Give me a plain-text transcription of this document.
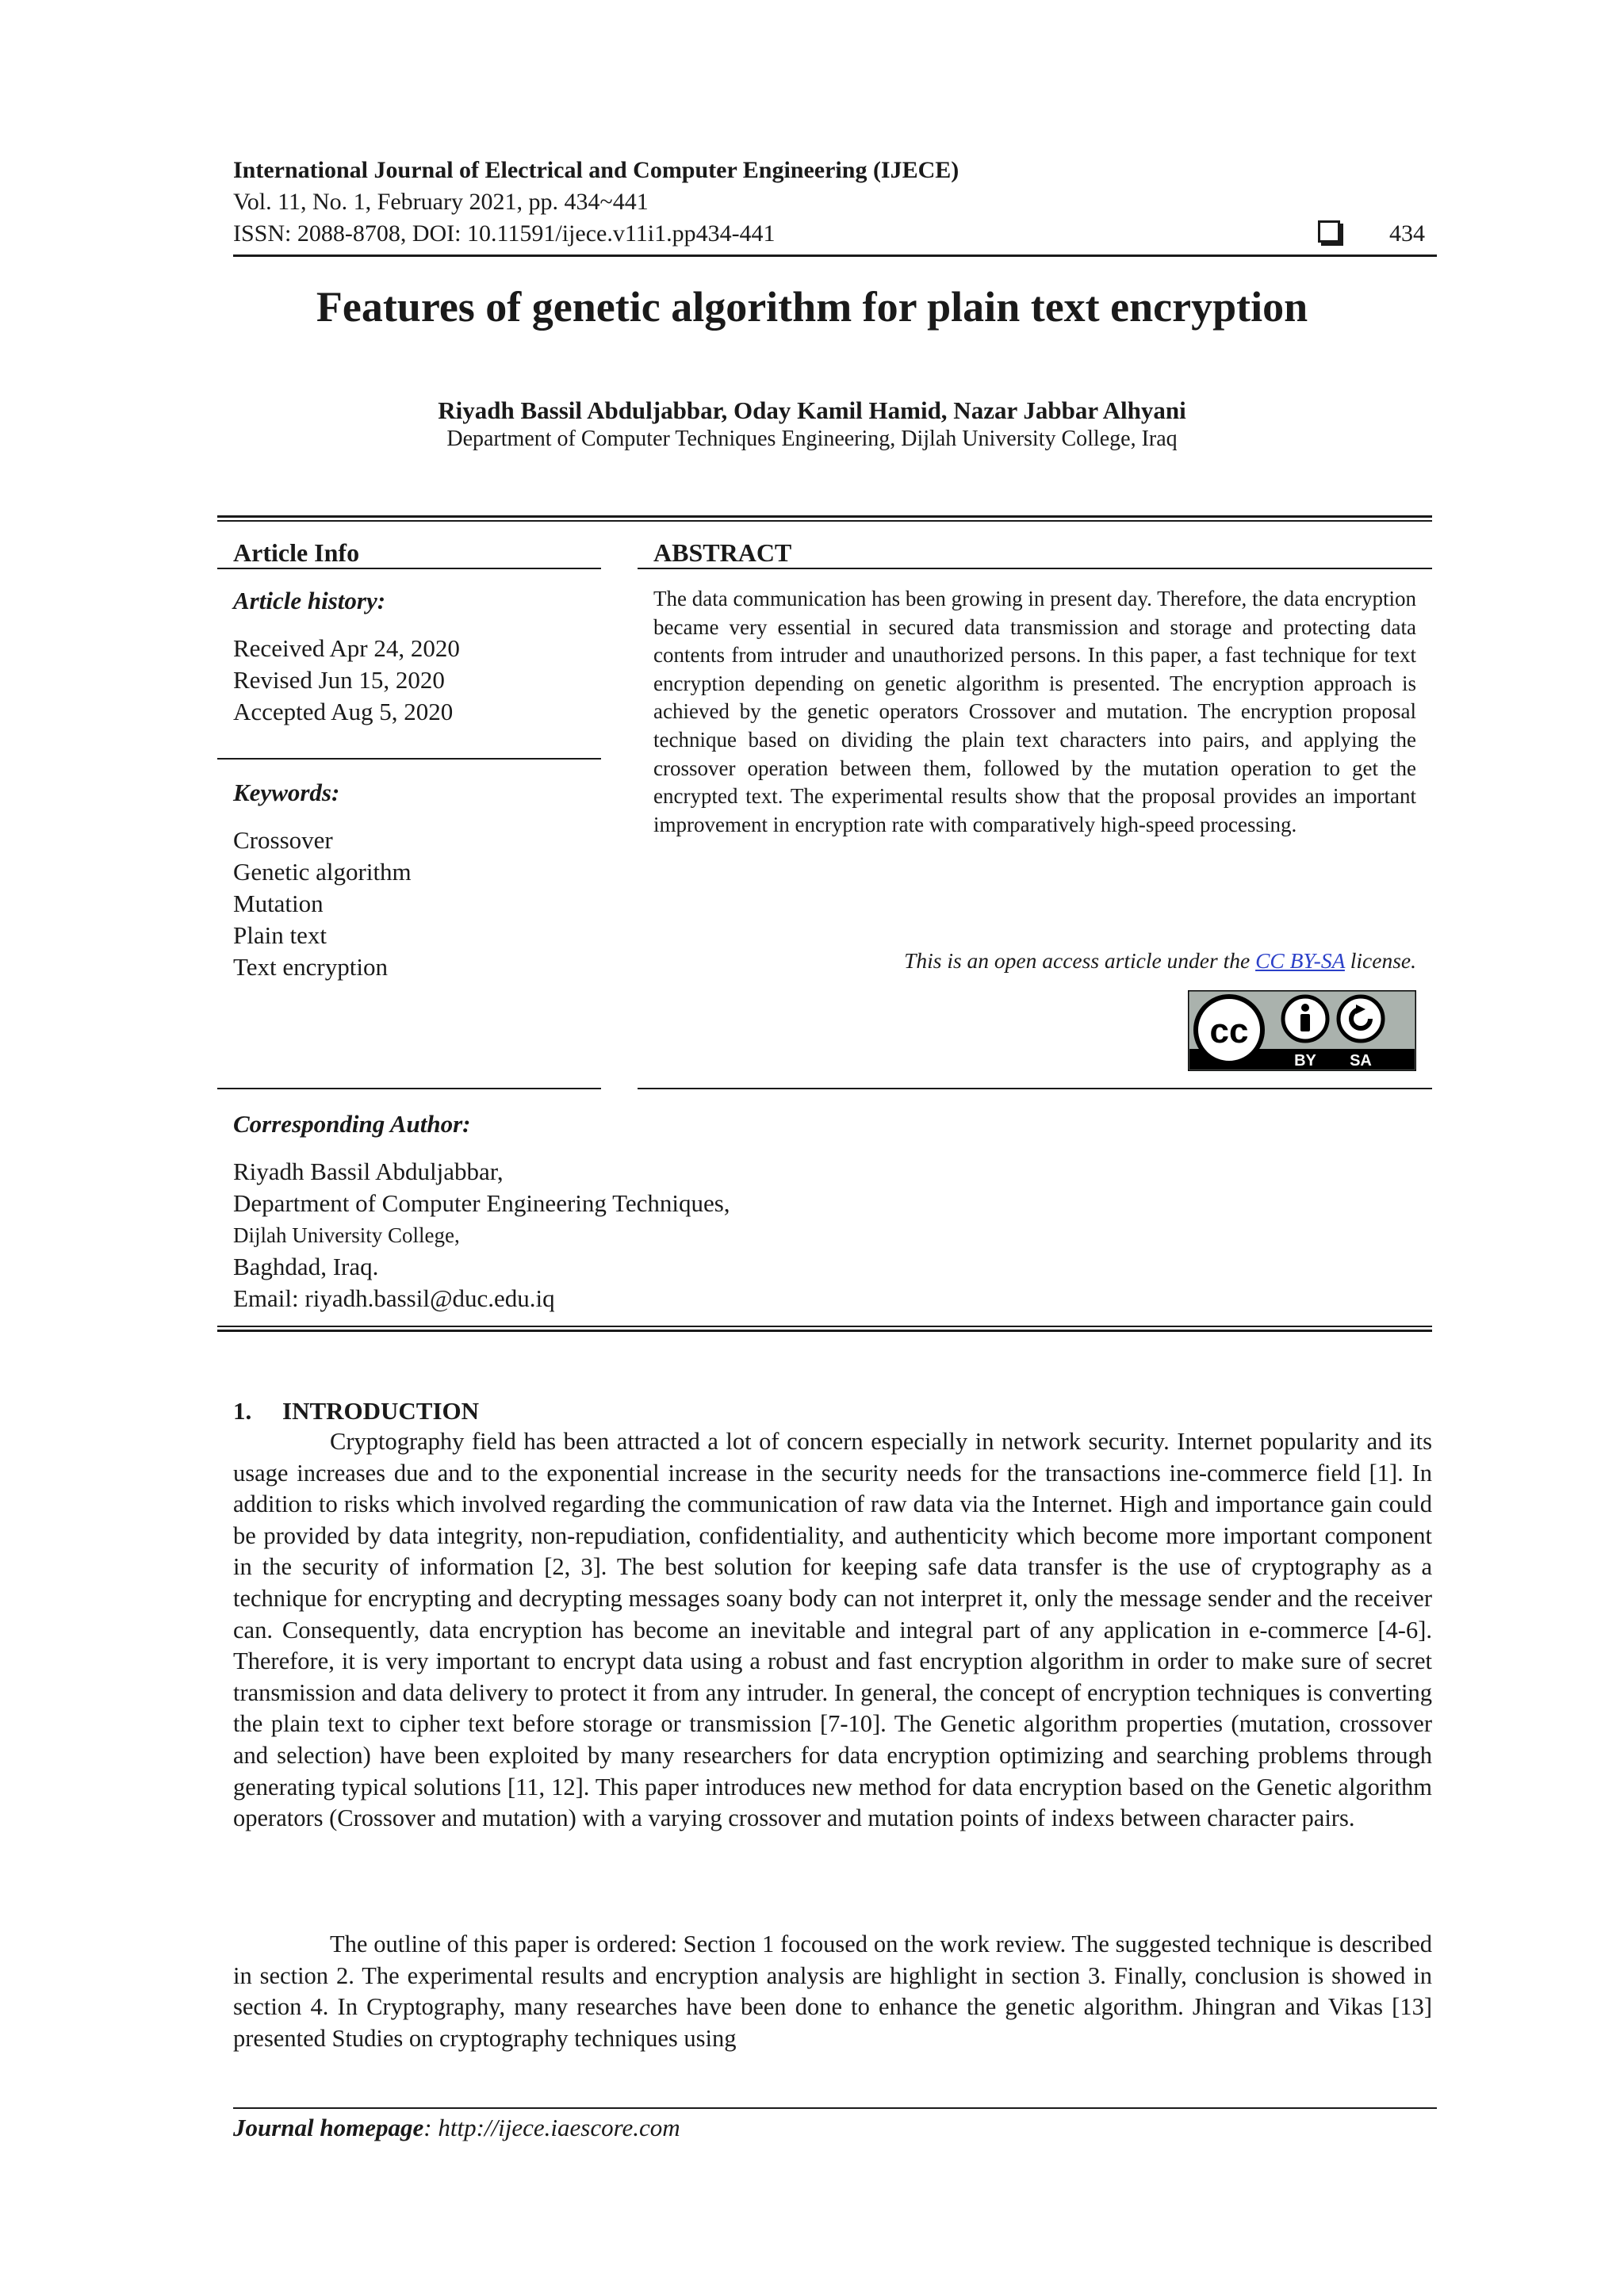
International Journal of Electrical and Computer Engineering (IJECE)
Vol. 11, No. 1, February 2021, pp. 434~441
ISSN: 2088-8708, DOI: 10.11591/ijece.v11i1.pp434-441	434
Features of genetic algorithm for plain text encryption
Riyadh Bassil Abduljabbar, Oday Kamil Hamid, Nazar Jabbar Alhyani
Department of Computer Techniques Engineering, Dijlah University College, Iraq
Article Info
Article history:
Received Apr 24, 2020
Revised Jun 15, 2020
Accepted Aug 5, 2020
Keywords:
Crossover
Genetic algorithm
Mutation
Plain text
Text encryption
ABSTRACT
The data communication has been growing in present day. Therefore, the data encryption became very essential in secured data transmission and storage and protecting data contents from intruder and unauthorized persons. In this paper, a fast technique for text encryption depending on genetic algorithm is presented. The encryption approach is achieved by the genetic operators Crossover and mutation. The encryption proposal technique based on dividing the plain text characters into pairs, and applying the crossover operation between them, followed by the mutation operation to get the encrypted text. The experimental results show that the proposal provides an important improvement in encryption rate with comparatively high-speed processing.
This is an open access article under the CC BY-SA license.
cc
BY SA
Corresponding Author:
Riyadh Bassil Abduljabbar,
Department of Computer Engineering Techniques,
Dijlah University College,
Baghdad, Iraq.
Email: riyadh.bassil@duc.edu.iq
1.     INTRODUCTION
Cryptography field has been attracted a lot of concern especially in network security. Internet popularity and its usage increases due and to the exponential increase in the security needs for the transactions ine-commerce field [1]. In addition to risks which involved regarding the communication of raw data via the Internet. High and importance gain could be provided by data integrity, non-repudiation, confidentiality, and authenticity which become more important component in the security of information [2, 3]. The best solution for keeping safe data transfer is the use of cryptography as a technique for encrypting and decrypting messages soany body can not interpret it, only the message sender and the receiver can. Consequently, data encryption has become an inevitable and integral part of any application in e-commerce [4-6]. Therefore, it is very important to encrypt data using a robust and fast encryption algorithm in order to make sure of secret transmission and data delivery to protect it from any intruder. In general, the concept of encryption techniques is converting the plain text to cipher text before storage or transmission [7-10]. The Genetic algorithm properties (mutation, crossover and selection) have been exploited by many researchers for data encryption optimizing and searching problems through generating typical solutions [11, 12]. This paper introduces new method for data encryption based on the Genetic algorithm operators (Crossover and mutation) with a varying crossover and mutation points of indexs between character pairs.
The outline of this paper is ordered: Section 1 focoused on the work review. The suggested technique is described in section 2. The experimental results and encryption analysis are highlight in section 3. Finally, conclusion is showed in section 4. In Cryptography, many researches have been done to enhance the genetic algorithm. Jhingran and Vikas [13] presented Studies on cryptography techniques using
Journal homepage: http://ijece.iaescore.com
